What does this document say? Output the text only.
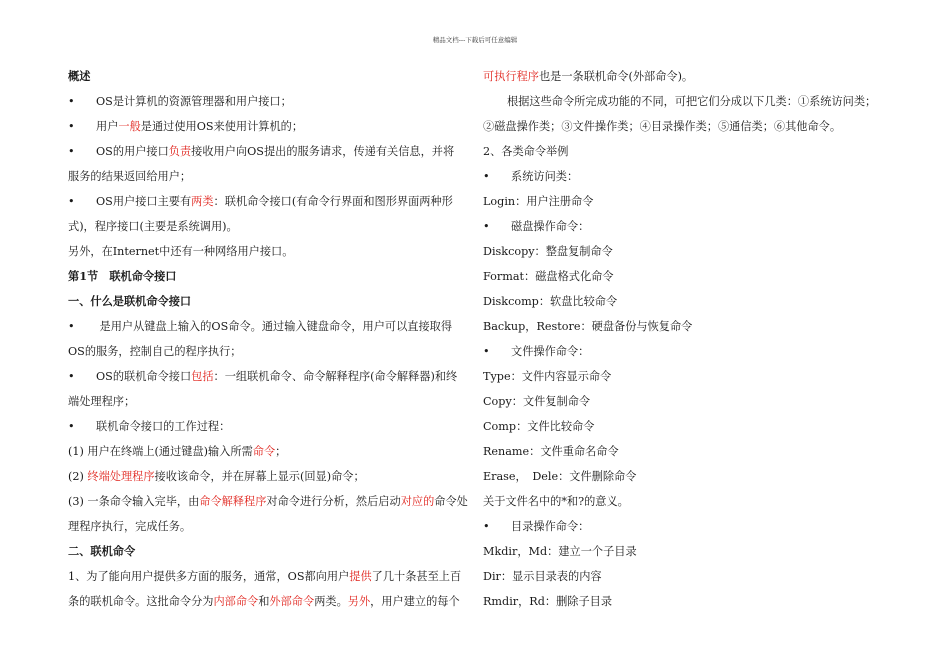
精品文档---下载后可任意编辑
概述
• OS是计算机的资源管理器和用户接口；
• 用户一般是通过使用OS来使用计算机的；
• OS的用户接口负责接收用户向OS提出的服务请求，传递有关信息，并将
服务的结果返回给用户；
• OS用户接口主要有两类：联机命令接口(有命令行界面和图形界面两种形
式)，程序接口(主要是系统调用)。
另外，在Internet中还有一种网络用户接口。
第1节　联机命令接口
一、什么是联机命令接口
• 是用户从键盘上输入的OS命令。通过输入键盘命令，用户可以直接取得
OS的服务，控制自己的程序执行；
• OS的联机命令接口包括：一组联机命令、命令解释程序(命令解释器)和终
端处理程序；
• 联机命令接口的工作过程：
(1) 用户在终端上(通过键盘)输入所需命令；
(2) 终端处理程序接收该命令，并在屏幕上显示(回显)命令；
(3) 一条命令输入完毕，由命令解释程序对命令进行分析，然后启动对应的命令处
理程序执行，完成任务。
二、联机命令
1、为了能向用户提供多方面的服务，通常，OS都向用户提供了几十条甚至上百
条的联机命令。这批命令分为内部命令和外部命令两类。另外，用户建立的每个
可执行程序也是一条联机命令(外部命令)。
根据这些命令所完成功能的不同，可把它们分成以下几类：①系统访问类；
②磁盘操作类；③文件操作类；④目录操作类；⑤通信类；⑥其他命令。
2、各类命令举例
• 系统访问类：
Login：用户注册命令
• 磁盘操作命令：
Diskcopy：整盘复制命令
Format：磁盘格式化命令
Diskcomp：软盘比较命令
Backup，Restore：硬盘备份与恢复命令
• 文件操作命令：
Type：文件内容显示命令
Copy：文件复制命令
Comp：文件比较命令
Rename：文件重命名命令
Erase，　Dele：文件删除命令
关于文件名中的*和?的意义。
• 目录操作命令：
Mkdir，Md：建立一个子目录
Dir：显示目录表的内容
Rmdir，Rd：删除子目录
